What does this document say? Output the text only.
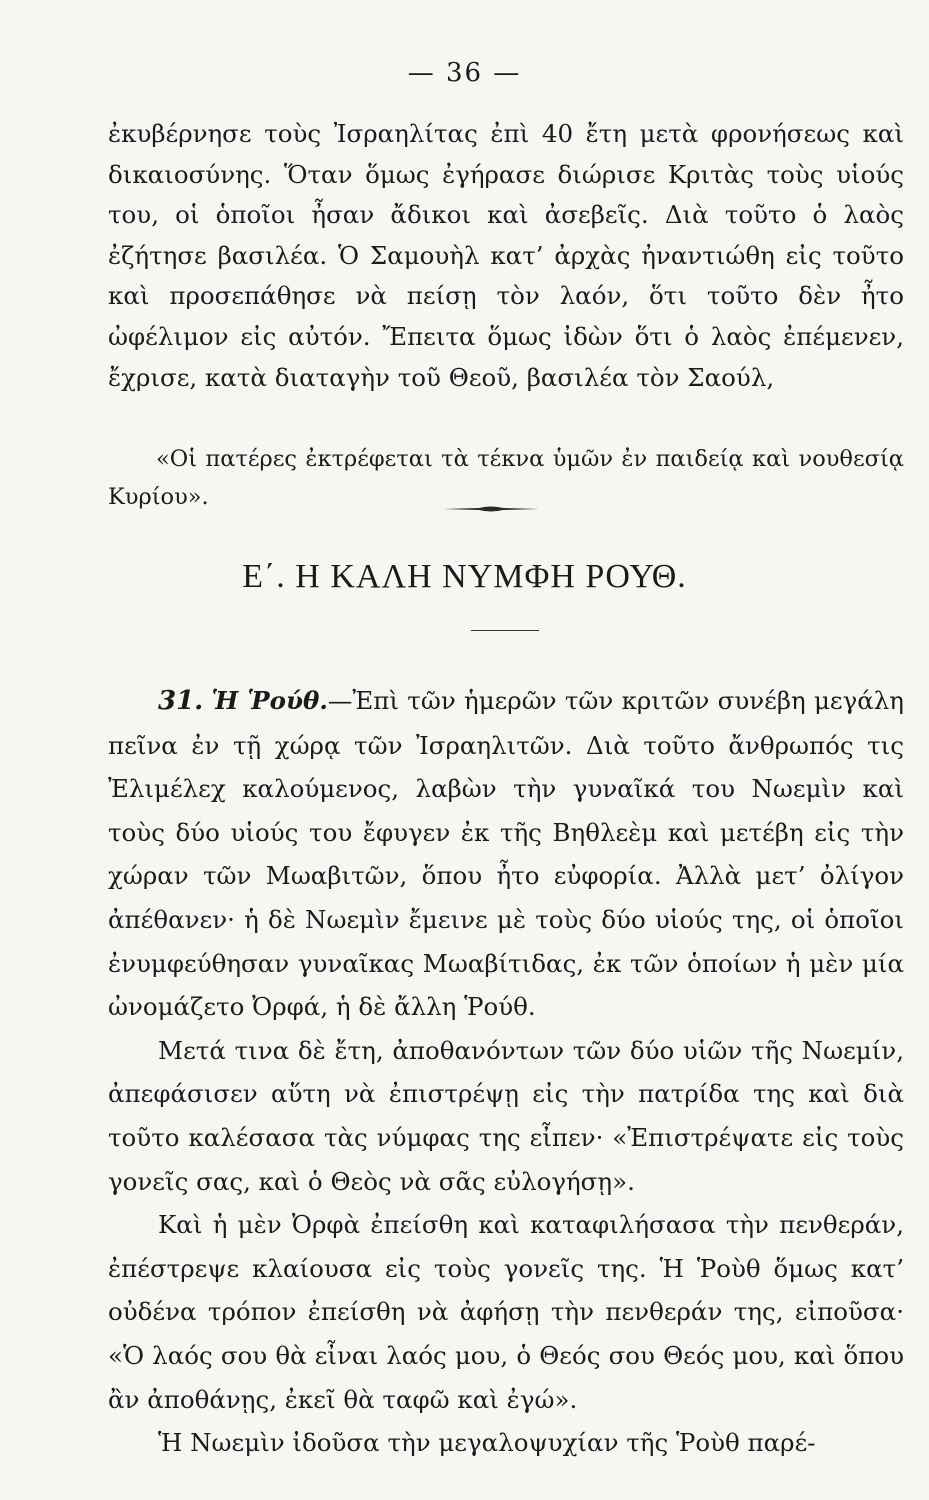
— 36 —

ἐκυβέρνησε τοὺς Ἰσραηλίτας ἐπὶ 40 ἔτη μετὰ φρονήσεως καὶ δικαιοσύνης. Ὅταν ὅμως ἐγήρασε διώρισε Κριτὰς τοὺς υἱούς του, οἱ ὁποῖοι ἦσαν ἄδικοι καὶ ἀσεβεῖς. Διὰ τοῦτο ὁ λαὸς ἐζήτησε βασιλέα. Ὁ Σαμουὴλ κατ’ ἀρχὰς ἠναντιώθη εἰς τοῦτο καὶ προσεπάθησε νὰ πείσῃ τὸν λαόν, ὅτι τοῦτο δὲν ἦτο ὠφέλιμον εἰς αὐτόν. Ἔπειτα ὅμως ἰδὼν ὅτι ὁ λαὸς ἐπέμενεν, ἔχρισε, κατὰ διαταγὴν τοῦ Θεοῦ, βασιλέα τὸν Σαούλ,

«Οἱ πατέρες ἐκτρέφεται τὰ τέκνα ὑμῶν ἐν παιδείᾳ καὶ νουθεσίᾳ Κυρίου».

Ε΄. Η ΚΑΛΗ ΝΥΜΦΗ ΡΟΥΘ.

31. Ἡ Ῥούθ.—Ἐπὶ τῶν ἡμερῶν τῶν κριτῶν συνέβη μεγάλη πεῖνα ἐν τῇ χώρᾳ τῶν Ἰσραηλιτῶν. Διὰ τοῦτο ἄνθρωπός τις Ἐλιμέλεχ καλούμενος, λαβὼν τὴν γυναῖκά του Νωεμὶν καὶ τοὺς δύο υἱούς του ἔφυγεν ἐκ τῆς Βηθλεὲμ καὶ μετέβη εἰς τὴν χώραν τῶν Μωαβιτῶν, ὅπου ἦτο εὐφορία. Ἀλλὰ μετ’ ὀλίγον ἀπέθανεν· ἡ δὲ Νωεμὶν ἔμεινε μὲ τοὺς δύο υἱούς της, οἱ ὁποῖοι ἐνυμφεύθησαν γυναῖκας Μωαβίτιδας, ἐκ τῶν ὁποίων ἡ μὲν μία ὠνομάζετο Ὀρφά, ἡ δὲ ἄλλη Ῥούθ.

Μετά τινα δὲ ἔτη, ἀποθανόντων τῶν δύο υἱῶν τῆς Νωεμίν, ἀπεφάσισεν αὕτη νὰ ἐπιστρέψῃ εἰς τὴν πατρίδα της καὶ διὰ τοῦτο καλέσασα τὰς νύμφας της εἶπεν· «Ἐπιστρέψατε εἰς τοὺς γονεῖς σας, καὶ ὁ Θεὸς νὰ σᾶς εὐλογήσῃ».

Καὶ ἡ μὲν Ὀρφὰ ἐπείσθη καὶ καταφιλήσασα τὴν πενθεράν, ἐπέστρεψε κλαίουσα εἰς τοὺς γονεῖς της. Ἡ Ῥοὺθ ὅμως κατ’ οὐδένα τρόπον ἐπείσθη νὰ ἀφήσῃ τὴν πενθεράν της, εἰποῦσα· «Ὁ λαός σου θὰ εἶναι λαός μου, ὁ Θεός σου Θεός μου, καὶ ὅπου ἂν ἀποθάνῃς, ἐκεῖ θὰ ταφῶ καὶ ἐγώ».

Ἡ Νωεμὶν ἰδοῦσα τὴν μεγαλοψυχίαν τῆς Ῥοὺθ παρέ-
